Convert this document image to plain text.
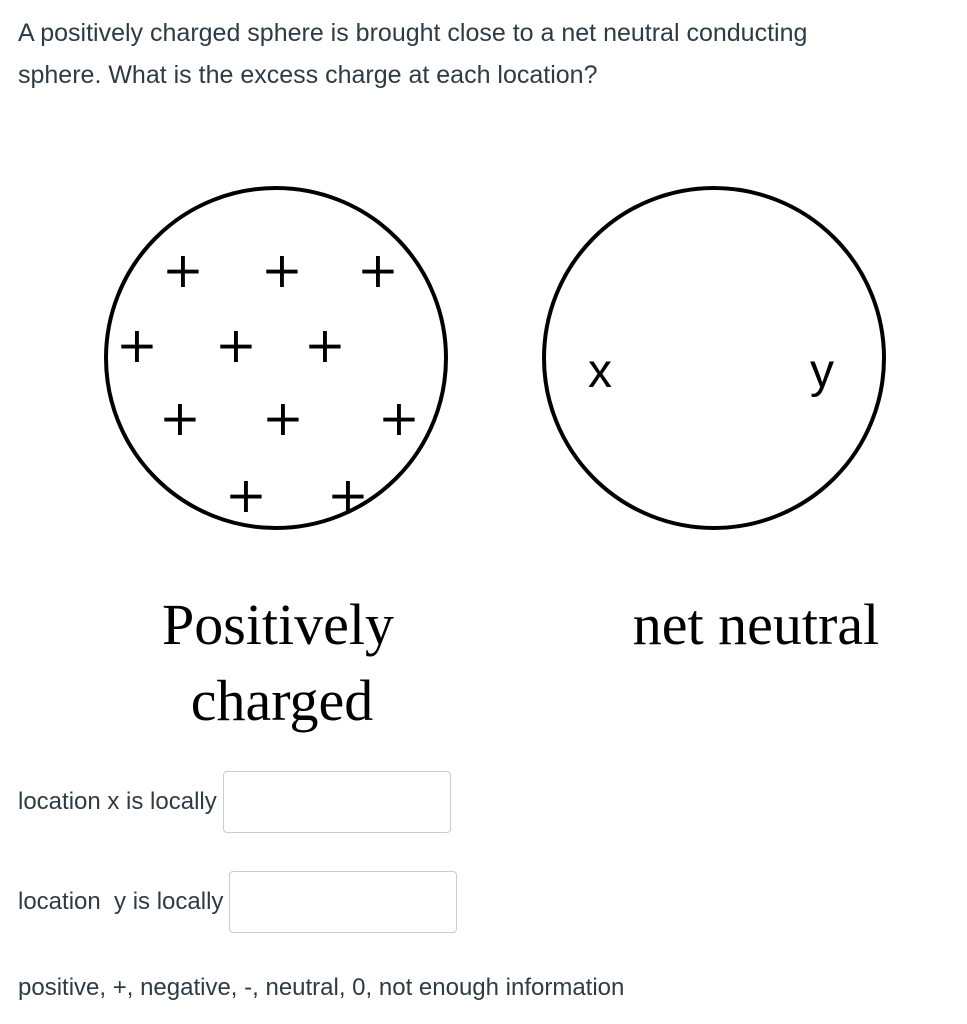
A positively charged sphere is brought close to a net neutral conducting
sphere. What is the excess charge at each location?
+ + +
+ + +
+ + +
+ +
x	y
Positively
charged
net neutral
location x is locally
location  y is locally
positive, +, negative, -, neutral, 0, not enough information
